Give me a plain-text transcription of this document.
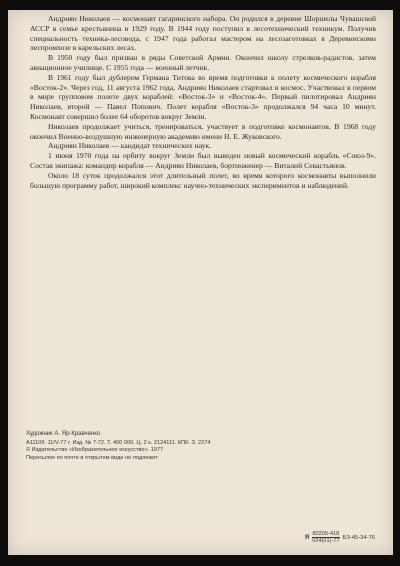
Андриян Николаев — космонавт гагаринского набора. Он родился в деревне Шоршелы Чувашской АССР в семье крестьянина в 1929 году. В 1944 году поступил в лесотехнический техникум. Получив специальность техника-лесовода, с 1947 года работал мастером на лесозаготовках в Деревнискомн леспромхозе в карельских лесах.

В 1950 году был призван в ряды Советской Армии. Окончил школу стрелков-радистов, затем авиационное училище. С 1955 года — военный летчик.

В 1961 году был дублером Германа Титова во время подготовки к полету космического корабля «Восток-2». Через год, 11 августа 1962 года, Андриян Николаев стартовал в космос. Участвовал в первом в мире групповом полете двух кораблей: «Восток-3» и «Восток-4». Первый пилотировал Андриян Николаев, второй — Павел Попович. Полет корабля «Восток-3» продолжался 94 часа 10 минут. Космонавт совершил более 64 оборотов вокруг Земли.

Николаев продолжает учиться, тренироваться, участвует в подготовке космонавтов. В 1968 году окончил Военно-воздушную инженерную академию имени Н. Е. Жуковского.

Андриян Николаев — кандидат технических наук.

1 июня 1970 года на орбиту вокруг Земли был выведен новый космический корабль «Союз-9». Состав экипажа: командир корабля — Андриян Николаев, бортинженер — Виталий Севастьянов.

Около 18 суток продолжался этот длительный полет, во время которого космонавты выполнили большую программу работ, широкий комплекс научно-технических экспериментов и наблюдений.

Художник А. Яр-Кравченко
А11109. 11/V-77 г. Изд. № 7-72. Т. 400 000. Ц. 2 к. 2124111. КПК. З. 2274
© Издательство «Изобразительное искусство». 1977
Пересылке по почте в открытом виде не подлежит
Я $\frac{80205-418}{024(01)-77} БЗ-45-34-76$
